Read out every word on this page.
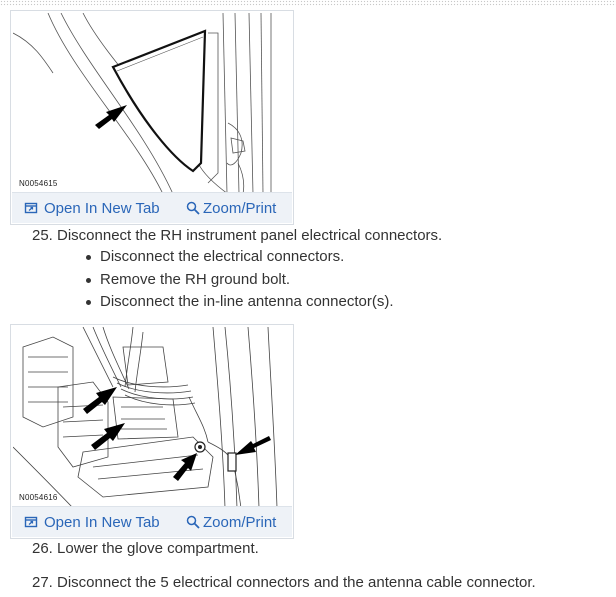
N0054615
Open In New Tab	Zoom/Print
25. Disconnect the RH instrument panel electrical connectors.
Disconnect the electrical connectors.
Remove the RH ground bolt.
Disconnect the in-line antenna connector(s).
N0054616
Open In New Tab	Zoom/Print
26. Lower the glove compartment.
27. Disconnect the 5 electrical connectors and the antenna cable connector.
